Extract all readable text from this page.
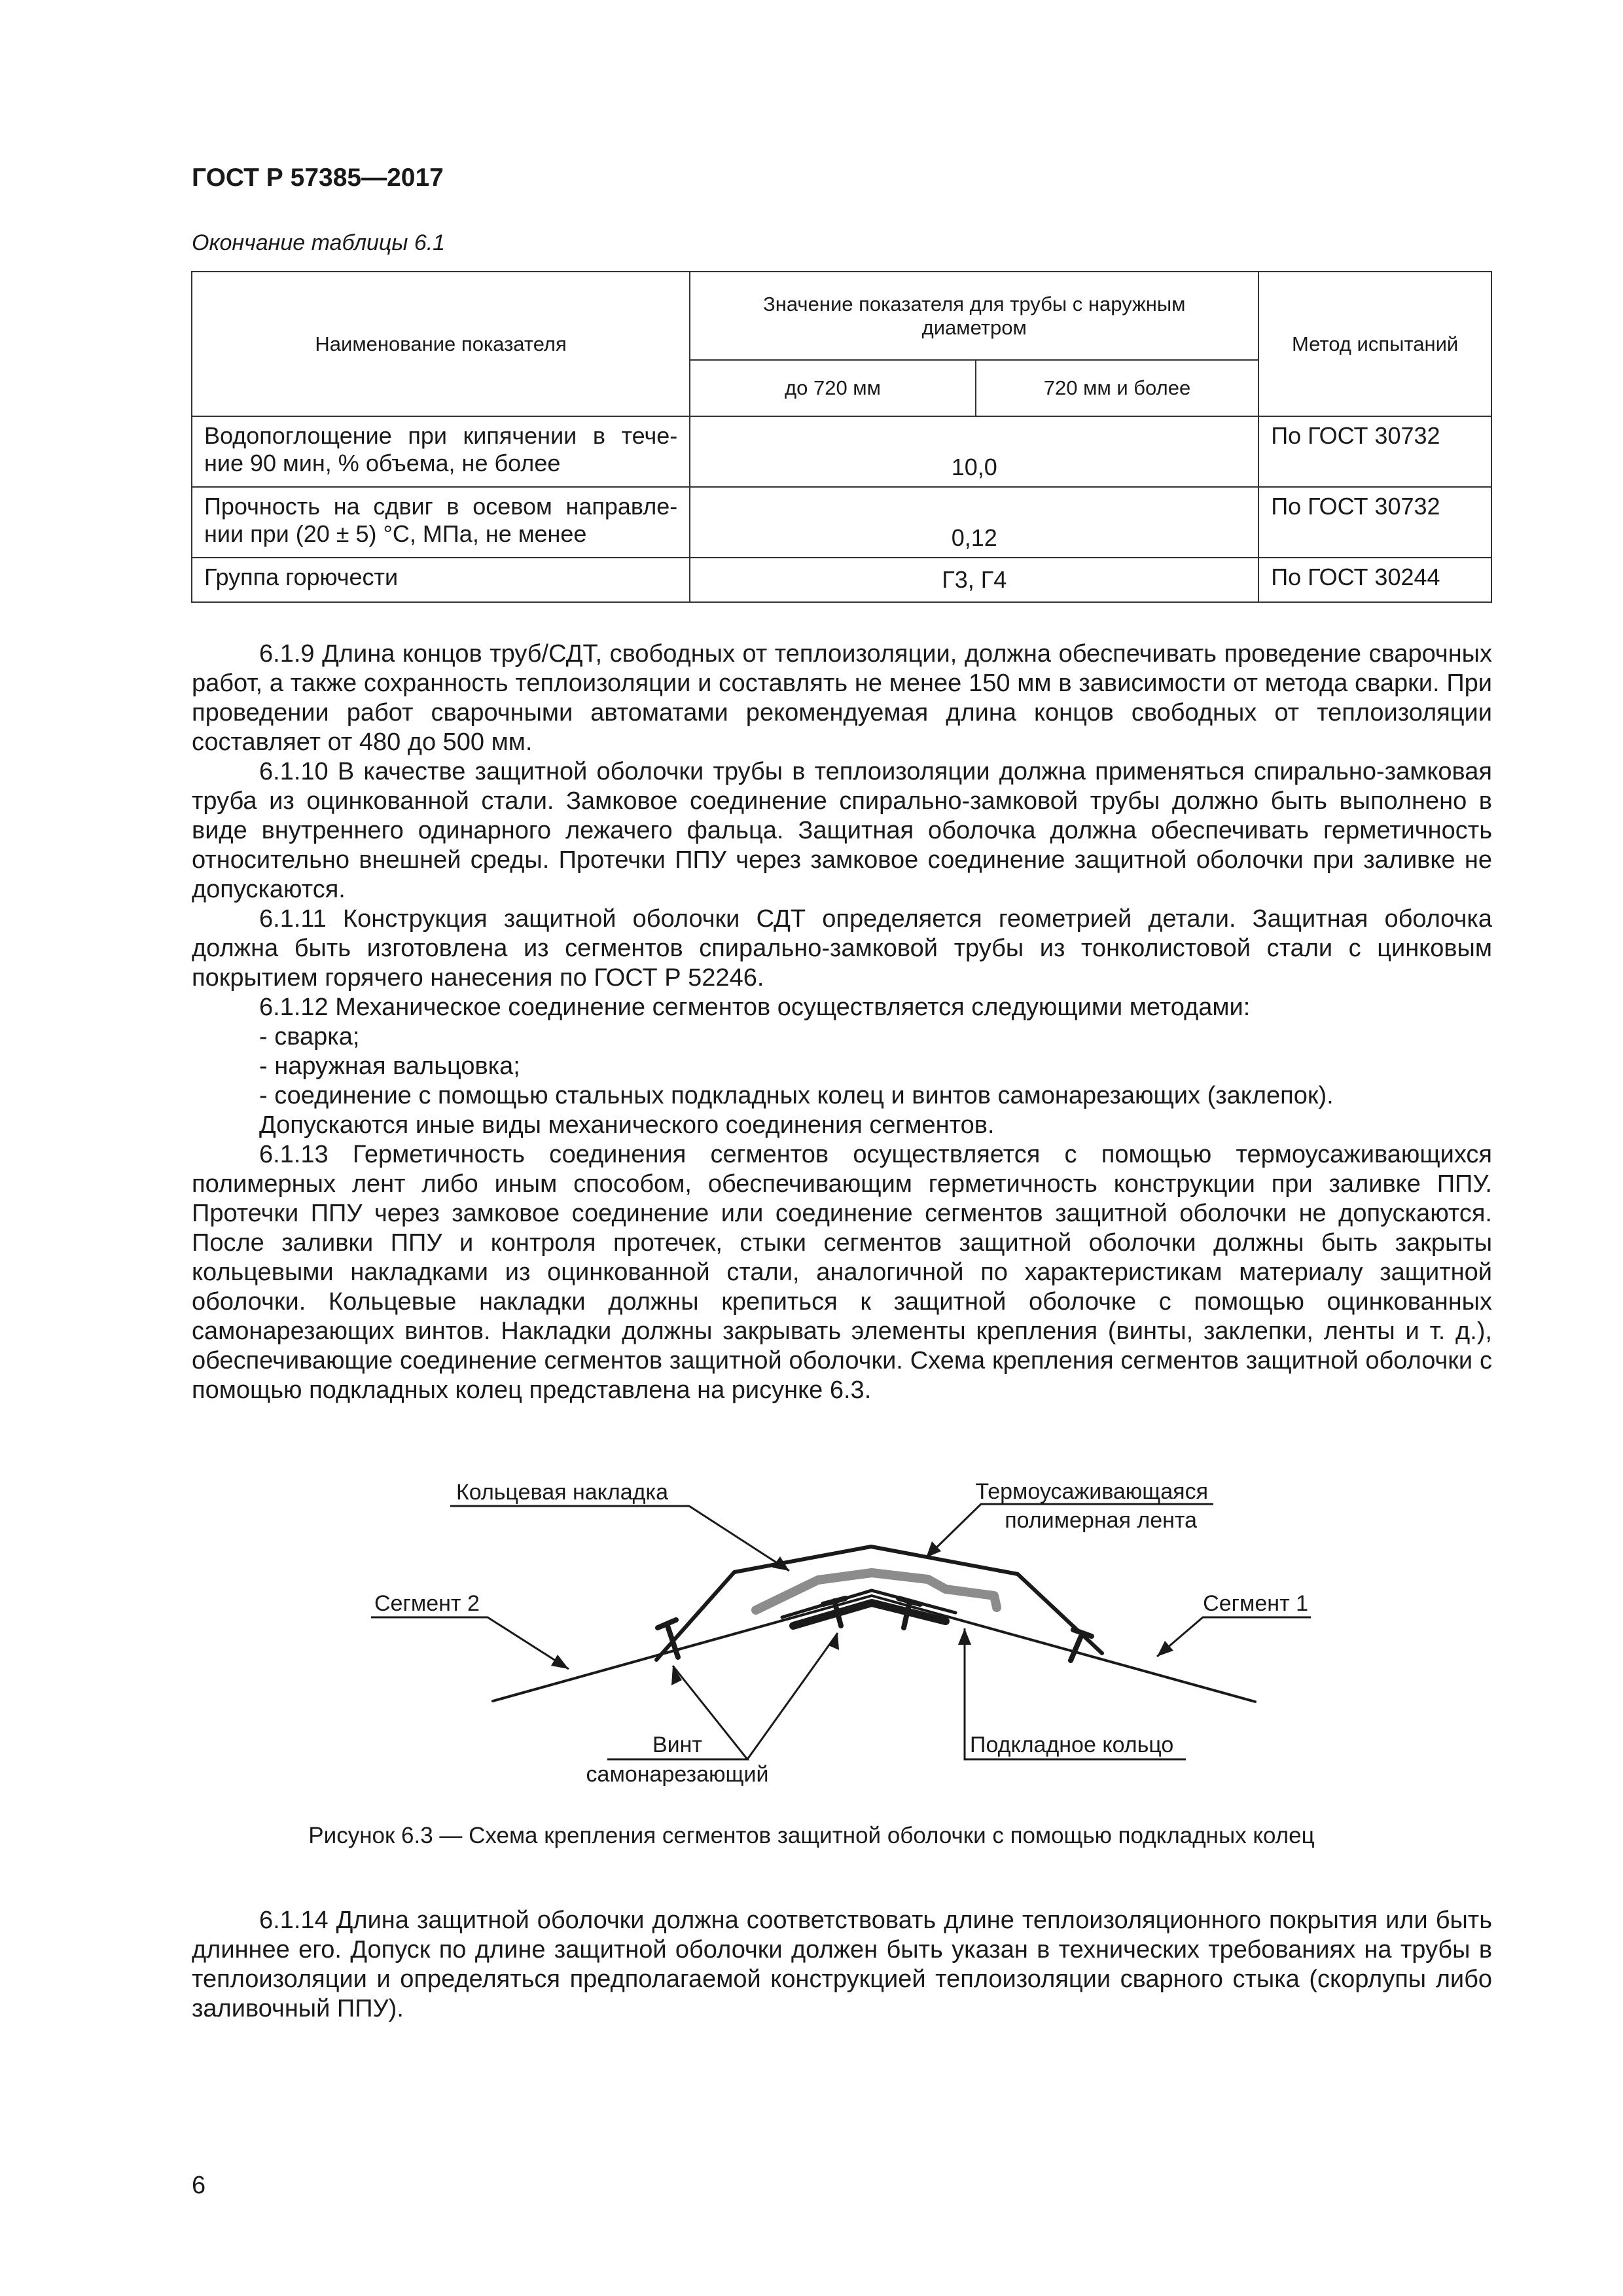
ГОСТ Р 57385—2017
Окончание таблицы 6.1
Наименование показателя	Значение показателя для трубы с наружным диаметром		Метод испытаний
	до 720 мм	720 мм и более	

Водопоглощение при кипячении в тече-
ние 90 мин, % объема, не более	10,0		По ГОСТ 30732

Прочность на сдвиг в осевом направле-
нии при (20 ± 5) °С, МПа, не менее	0,12		По ГОСТ 30732
Группа горючести	Г3, Г4		По ГОСТ 30244

6.1.9 Длина концов труб/СДТ, свободных от теплоизоляции, должна обеспечивать проведение сварочных работ, а также сохранность теплоизоляции и составлять не менее 150 мм в зависимости от метода сварки. При проведении работ сварочными автоматами рекомендуемая длина концов свободных от теплоизоляции составляет от 480 до 500 мм.

6.1.10 В качестве защитной оболочки трубы в теплоизоляции должна применяться спирально-замковая труба из оцинкованной стали. Замковое соединение спирально-замковой трубы должно быть выполнено в виде внутреннего одинарного лежачего фальца. Защитная оболочка должна обеспечивать герметичность относительно внешней среды. Протечки ППУ через замковое соединение защитной оболочки при заливке не допускаются.

6.1.11 Конструкция защитной оболочки СДТ определяется геометрией детали. Защитная оболочка должна быть изготовлена из сегментов спирально-замковой трубы из тонколистовой стали с цинковым покрытием горячего нанесения по ГОСТ Р 52246.

6.1.12 Механическое соединение сегментов осуществляется следующими методами:

- сварка;

- наружная вальцовка;

- соединение с помощью стальных подкладных колец и винтов самонарезающих (заклепок).

Допускаются иные виды механического соединения сегментов.

6.1.13 Герметичность соединения сегментов осуществляется с помощью термоусаживающихся полимерных лент либо иным способом, обеспечивающим герметичность конструкции при заливке ППУ. Протечки ППУ через замковое соединение или соединение сегментов защитной оболочки не допускаются. После заливки ППУ и контроля протечек, стыки сегментов защитной оболочки должны быть закрыты кольцевыми накладками из оцинкованной стали, аналогичной по характеристикам материалу защитной оболочки. Кольцевые накладки должны крепиться к защитной оболочке с помощью оцинкованных самонарезающих винтов. Накладки должны закрывать элементы крепления (винты, заклепки, ленты и т. д.), обеспечивающие соединение сегментов защитной оболочки. Схема крепления сегментов защитной оболочки с помощью подкладных колец представлена на рисунке 6.3.

Кольцевая накладка	Термоусаживающаяся
полимерная лента
Сегмент 2	Сегмент 1
Винт
самонарезающий
Подкладное кольцо
Рисунок 6.3 — Схема крепления сегментов защитной оболочки с помощью подкладных колец

6.1.14 Длина защитной оболочки должна соответствовать длине теплоизоляционного покрытия или быть длиннее его. Допуск по длине защитной оболочки должен быть указан в технических требованиях на трубы в теплоизоляции и определяться предполагаемой конструкцией теплоизоляции сварного стыка (скорлупы либо заливочный ППУ).

6
